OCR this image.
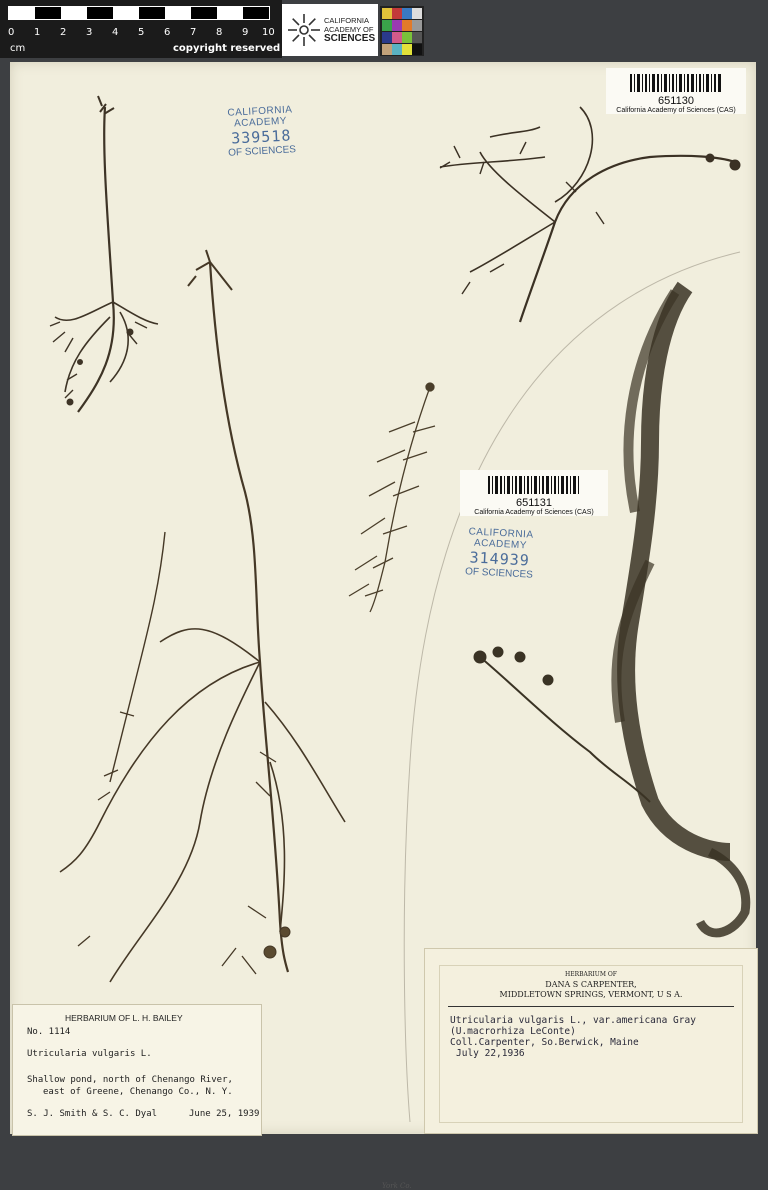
0 1 2 3 4 5 6 7 8 9 10
cm	copyright reserved
CALIFORNIA
ACADEMY OF
SCIENCES
651130
California Academy of Sciences (CAS)
651131
California Academy of Sciences (CAS)
CALIFORNIA ACADEMY
339518
OF SCIENCES
CALIFORNIA ACADEMY
314939
OF SCIENCES
York Co.
HERBARIUM OF L. H. BAILEY
No. 1114
Utricularia vulgaris L.
Shallow pond, north of Chenango River,
east of Greene, Chenango Co., N. Y.
S. J. Smith & S. C. Dyal	June 25, 1939
HERBARIUM OF
DANA S CARPENTER,
MIDDLETOWN SPRINGS, VERMONT, U S A.
Utricularia vulgaris L., var.americana Gray
(U.macrorhiza LeConte)
Coll.Carpenter, So.Berwick, Maine
July 22,1936
